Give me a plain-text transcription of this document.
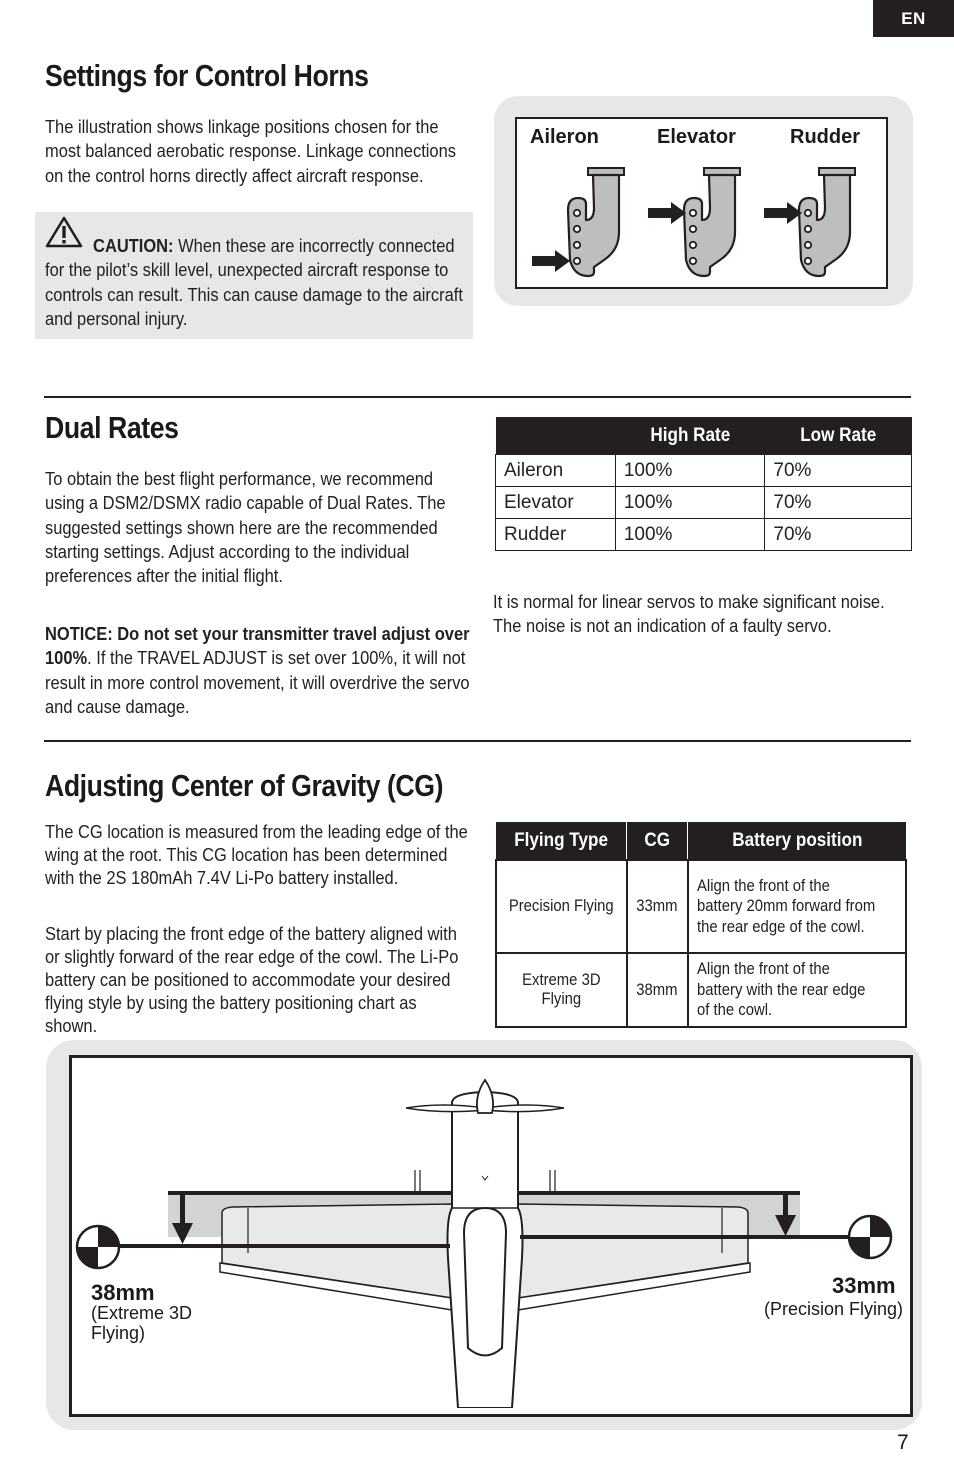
EN
Settings for Control Horns

The illustration shows linkage positions chosen for the most balanced aerobatic response. Linkage connections on the control horns directly affect aircraft response.

CAUTION: When these are incorrectly connected for the pilot’s skill level, unexpected aircraft response to controls can result. This can cause damage to the aircraft and personal injury.

Aileron	Elevator	Rudder
Dual Rates

To obtain the best flight performance, we recommend using a DSM2/DSMX radio capable of Dual Rates. The suggested settings shown here are the recommended starting settings. Adjust according to the individual preferences after the initial flight.

NOTICE: Do not set your transmitter travel adjust over 100%. If the TRAVEL ADJUST is set over 100%, it will not result in more control movement, it will overdrive the servo and cause damage.

	High Rate	Low Rate
Aileron	100%	70%
Elevator	100%	70%
Rudder	100%	70%

It is normal for linear servos to make significant noise. The noise is not an indication of a faulty servo.

Adjusting Center of Gravity (CG)

The CG location is measured from the leading edge of the wing at the root. This CG location has been determined with the 2S 180mAh 7.4V Li-Po battery installed.

Start by placing the front edge of the battery aligned with or slightly forward of the rear edge of the cowl. The Li-Po battery can be positioned to accommodate your desired flying style by using the battery positioning chart as shown.

Flying Type	CG	Battery position
Precision Flying	33mm	Align the front of the battery 20mm forward from the rear edge of the cowl.
Extreme 3D Flying	38mm	Align the front of the battery with the rear edge of the cowl.
38mm
(Extreme 3D Flying)
33mm
(Precision Flying)
7
